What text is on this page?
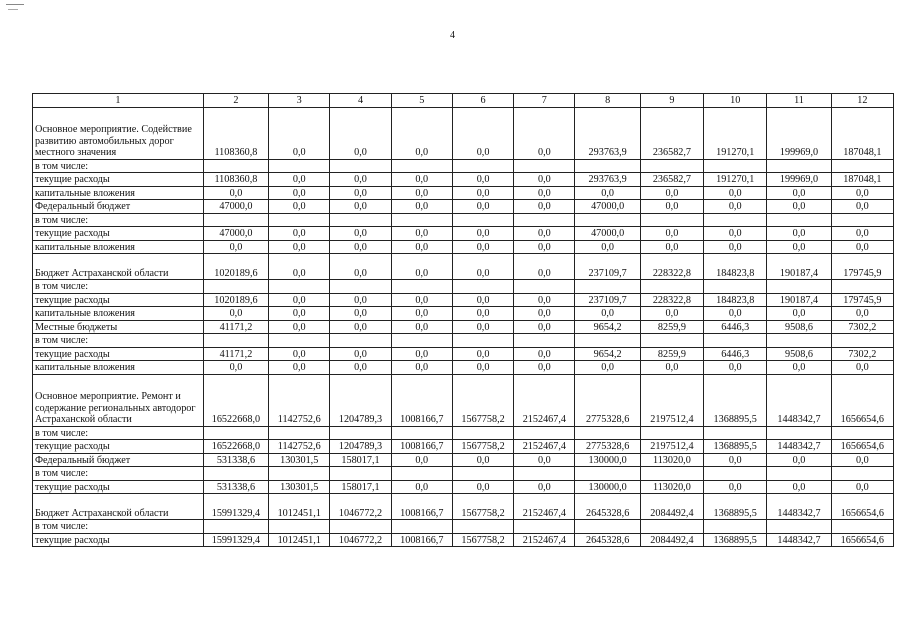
4
1	2	3	4	5	6	7	8	9	10	11	12
Основное мероприятие. Содействие развитию автомобильных дорог местного значения	1108360,8	0,0	0,0	0,0	0,0	0,0	293763,9	236582,7	191270,1	199969,0	187048,1
в том числе:											
текущие расходы	1108360,8	0,0	0,0	0,0	0,0	0,0	293763,9	236582,7	191270,1	199969,0	187048,1
капитальные вложения	0,0	0,0	0,0	0,0	0,0	0,0	0,0	0,0	0,0	0,0	0,0
Федеральный бюджет	47000,0	0,0	0,0	0,0	0,0	0,0	47000,0	0,0	0,0	0,0	0,0
в том числе:											
текущие расходы	47000,0	0,0	0,0	0,0	0,0	0,0	47000,0	0,0	0,0	0,0	0,0
капитальные вложения	0,0	0,0	0,0	0,0	0,0	0,0	0,0	0,0	0,0	0,0	0,0
Бюджет Астраханской области	1020189,6	0,0	0,0	0,0	0,0	0,0	237109,7	228322,8	184823,8	190187,4	179745,9
в том числе:											
текущие расходы	1020189,6	0,0	0,0	0,0	0,0	0,0	237109,7	228322,8	184823,8	190187,4	179745,9
капитальные вложения	0,0	0,0	0,0	0,0	0,0	0,0	0,0	0,0	0,0	0,0	0,0
Местные бюджеты	41171,2	0,0	0,0	0,0	0,0	0,0	9654,2	8259,9	6446,3	9508,6	7302,2
в том числе:											
текущие расходы	41171,2	0,0	0,0	0,0	0,0	0,0	9654,2	8259,9	6446,3	9508,6	7302,2
капитальные вложения	0,0	0,0	0,0	0,0	0,0	0,0	0,0	0,0	0,0	0,0	0,0
Основное мероприятие. Ремонт и содержание региональных автодорог Астраханской области	16522668,0	1142752,6	1204789,3	1008166,7	1567758,2	2152467,4	2775328,6	2197512,4	1368895,5	1448342,7	1656654,6
в том числе:											
текущие расходы	16522668,0	1142752,6	1204789,3	1008166,7	1567758,2	2152467,4	2775328,6	2197512,4	1368895,5	1448342,7	1656654,6
Федеральный бюджет	531338,6	130301,5	158017,1	0,0	0,0	0,0	130000,0	113020,0	0,0	0,0	0,0
в том числе:											
текущие расходы	531338,6	130301,5	158017,1	0,0	0,0	0,0	130000,0	113020,0	0,0	0,0	0,0
Бюджет Астраханской области	15991329,4	1012451,1	1046772,2	1008166,7	1567758,2	2152467,4	2645328,6	2084492,4	1368895,5	1448342,7	1656654,6
в том числе:											
текущие расходы	15991329,4	1012451,1	1046772,2	1008166,7	1567758,2	2152467,4	2645328,6	2084492,4	1368895,5	1448342,7	1656654,6
